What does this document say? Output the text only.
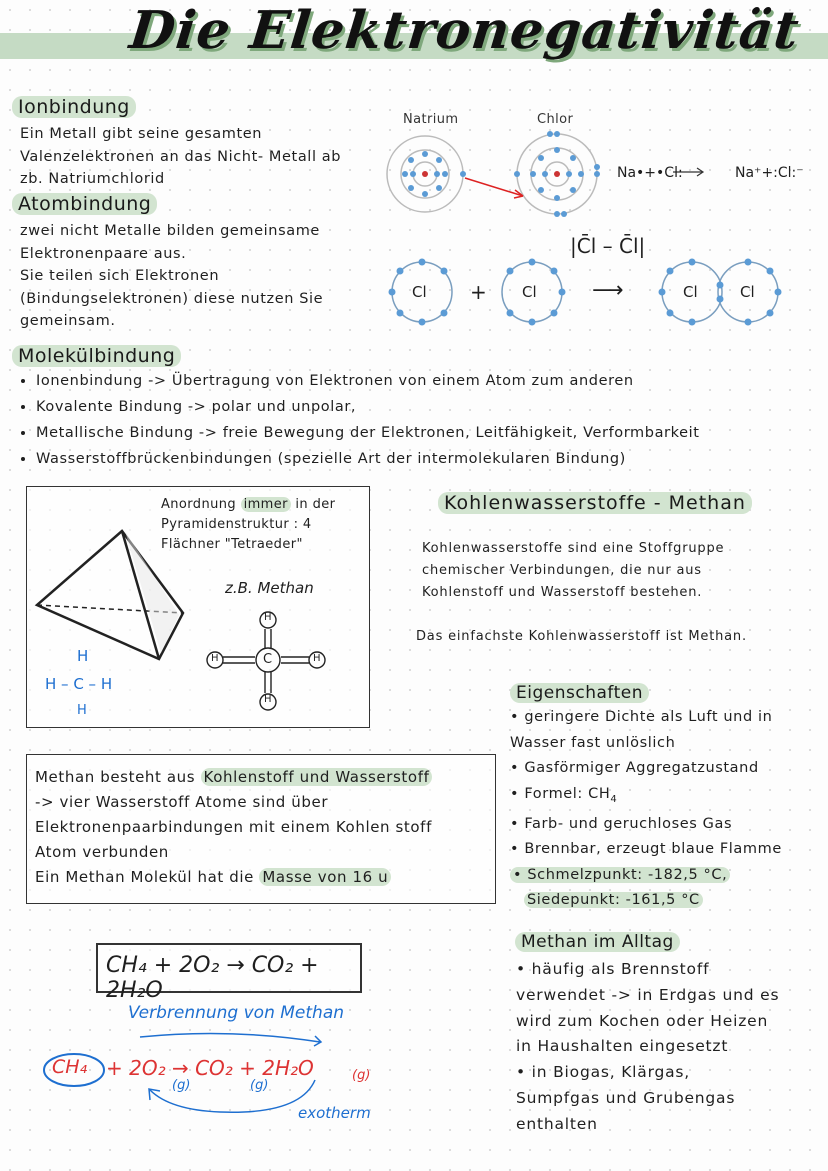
Die Elektronegativität
Ionbindung
Ein Metall gibt seine gesamten
Valenzelektronen an das Nicht- Metall ab
zb. Natriumchlorid
Natrium	Chlor
Na•+•Cl:	Na⁺+:Cl:⁻
Atombindung
zwei nicht Metalle bilden gemeinsame
Elektronenpaare aus.
Sie teilen sich Elektronen
(Bindungselektronen) diese nutzen Sie
gemeinsam.
|C̄l – C̄l|
Cl + Cl	⟶	Cl	Cl
Molekülbindung
• Ionenbindung -> Übertragung von Elektronen von einem Atom zum anderen
• Kovalente Bindung -> polar und unpolar,
• Metallische Bindung -> freie Bewegung der Elektronen, Leitfähigkeit, Verformbarkeit
• Wasserstoffbrückenbindungen (spezielle Art der intermolekularen Bindung)
Anordnung immer in der
Pyramidenstruktur : 4
Flächner "Tetraeder"
z.B. Methan
C
H
H
H	H
H
H – C – H
H
Kohlenwasserstoffe - Methan
Kohlenwasserstoffe sind eine Stoffgruppe
chemischer Verbindungen, die nur aus
Kohlenstoff und Wasserstoff bestehen.
Das einfachste Kohlenwasserstoff ist Methan.
Eigenschaften
• geringere Dichte als Luft und in
Wasser fast unlöslich
• Gasförmiger Aggregatzustand
• Formel: $CH_4$
• Farb- und geruchloses Gas
• Brennbar, erzeugt blaue Flamme
• Schmelzpunkt: -182,5 °C,
Siedepunkt: -161,5 °C
Methan besteht aus Kohlenstoff und Wasserstoff
-> vier Wasserstoff Atome sind über
Elektronenpaarbindungen mit einem Kohlen stoff
Atom verbunden
Ein Methan Molekül hat die Masse von 16 u
CH₄ + 2O₂ → CO₂ + 2H₂O
Verbrennung von Methan
CH₄ + 2O₂ → CO₂ + 2H₂O
(g)	(g)
(g)
exotherm
Methan im Alltag
• häufig als Brennstoff
verwendet -> in Erdgas und es
wird zum Kochen oder Heizen
in Haushalten eingesetzt
• in Biogas, Klärgas,
Sumpfgas und Grubengas
enthalten
